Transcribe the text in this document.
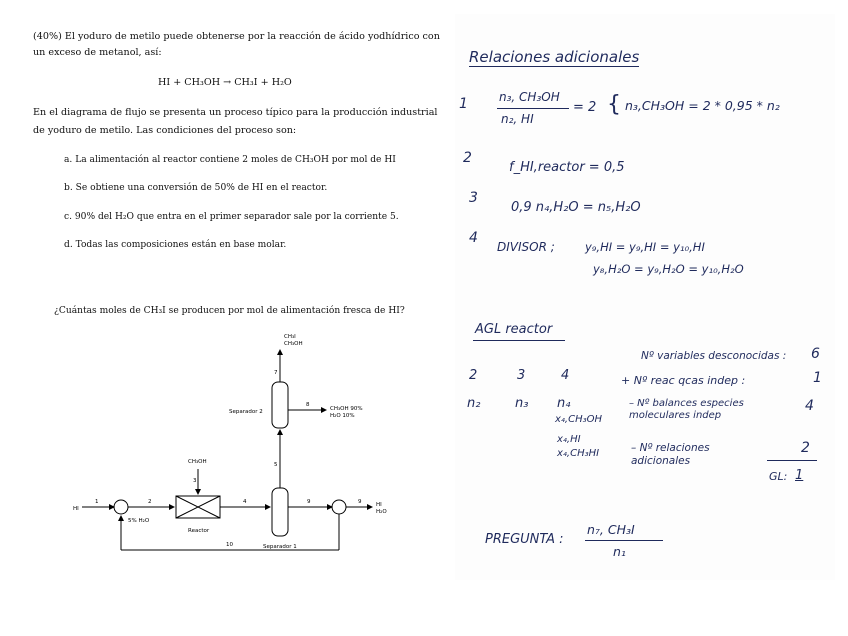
(40%) El yoduro de metilo puede obtenerse por la reacción de ácido yodhídrico con
un exceso de metanol, así:
HI + CH₃OH → CH₃I + H₂O
En el diagrama de flujo se presenta un proceso típico para la producción industrial
de yoduro de metilo. Las condiciones del proceso son:
a. La alimentación al reactor contiene 2 moles de CH₃OH por mol de HI
b. Se obtiene una conversión de 50% de HI en el reactor.
c. 90% del H₂O que entra en el primer separador sale por la corriente 5.
d. Todas las composiciones están en base molar.
¿Cuántas moles de CH₃I se producen por mol de alimentación fresca de HI?
CH₃I
CH₃OH
7
Separador 2
8
CH₃OH 90%
H₂O 10%
5
CH₃OH
3
HI
1	2
5% H₂O
Reactor
4
Separador 1
9	9	HI
H₂O
10
Relaciones adicionales
1	n₃, CH₃OH
n₂, HI
= 2 { n₃,CH₃OH = 2 * 0,95 * n₂
2
f_HI,reactor = 0,5
3
0,9 n₄,H₂O = n₅,H₂O
4
DIVISOR ;	y₉,HI = y₉,HI = y₁₀,HI
y₈,H₂O = y₉,H₂O = y₁₀,H₂O
AGL reactor
2	3	4
n₂	n₃ n₄
x₄,CH₃OH
x₄,HI
x₄,CH₃HI
Nº variables desconocidas : 6
+ Nº reac qcas indep :	1
– Nº balances especies moleculares indep
4
– Nº relaciones adicionales
2
GL: 1
PREGUNTA :
n₇, CH₃I
n₁
